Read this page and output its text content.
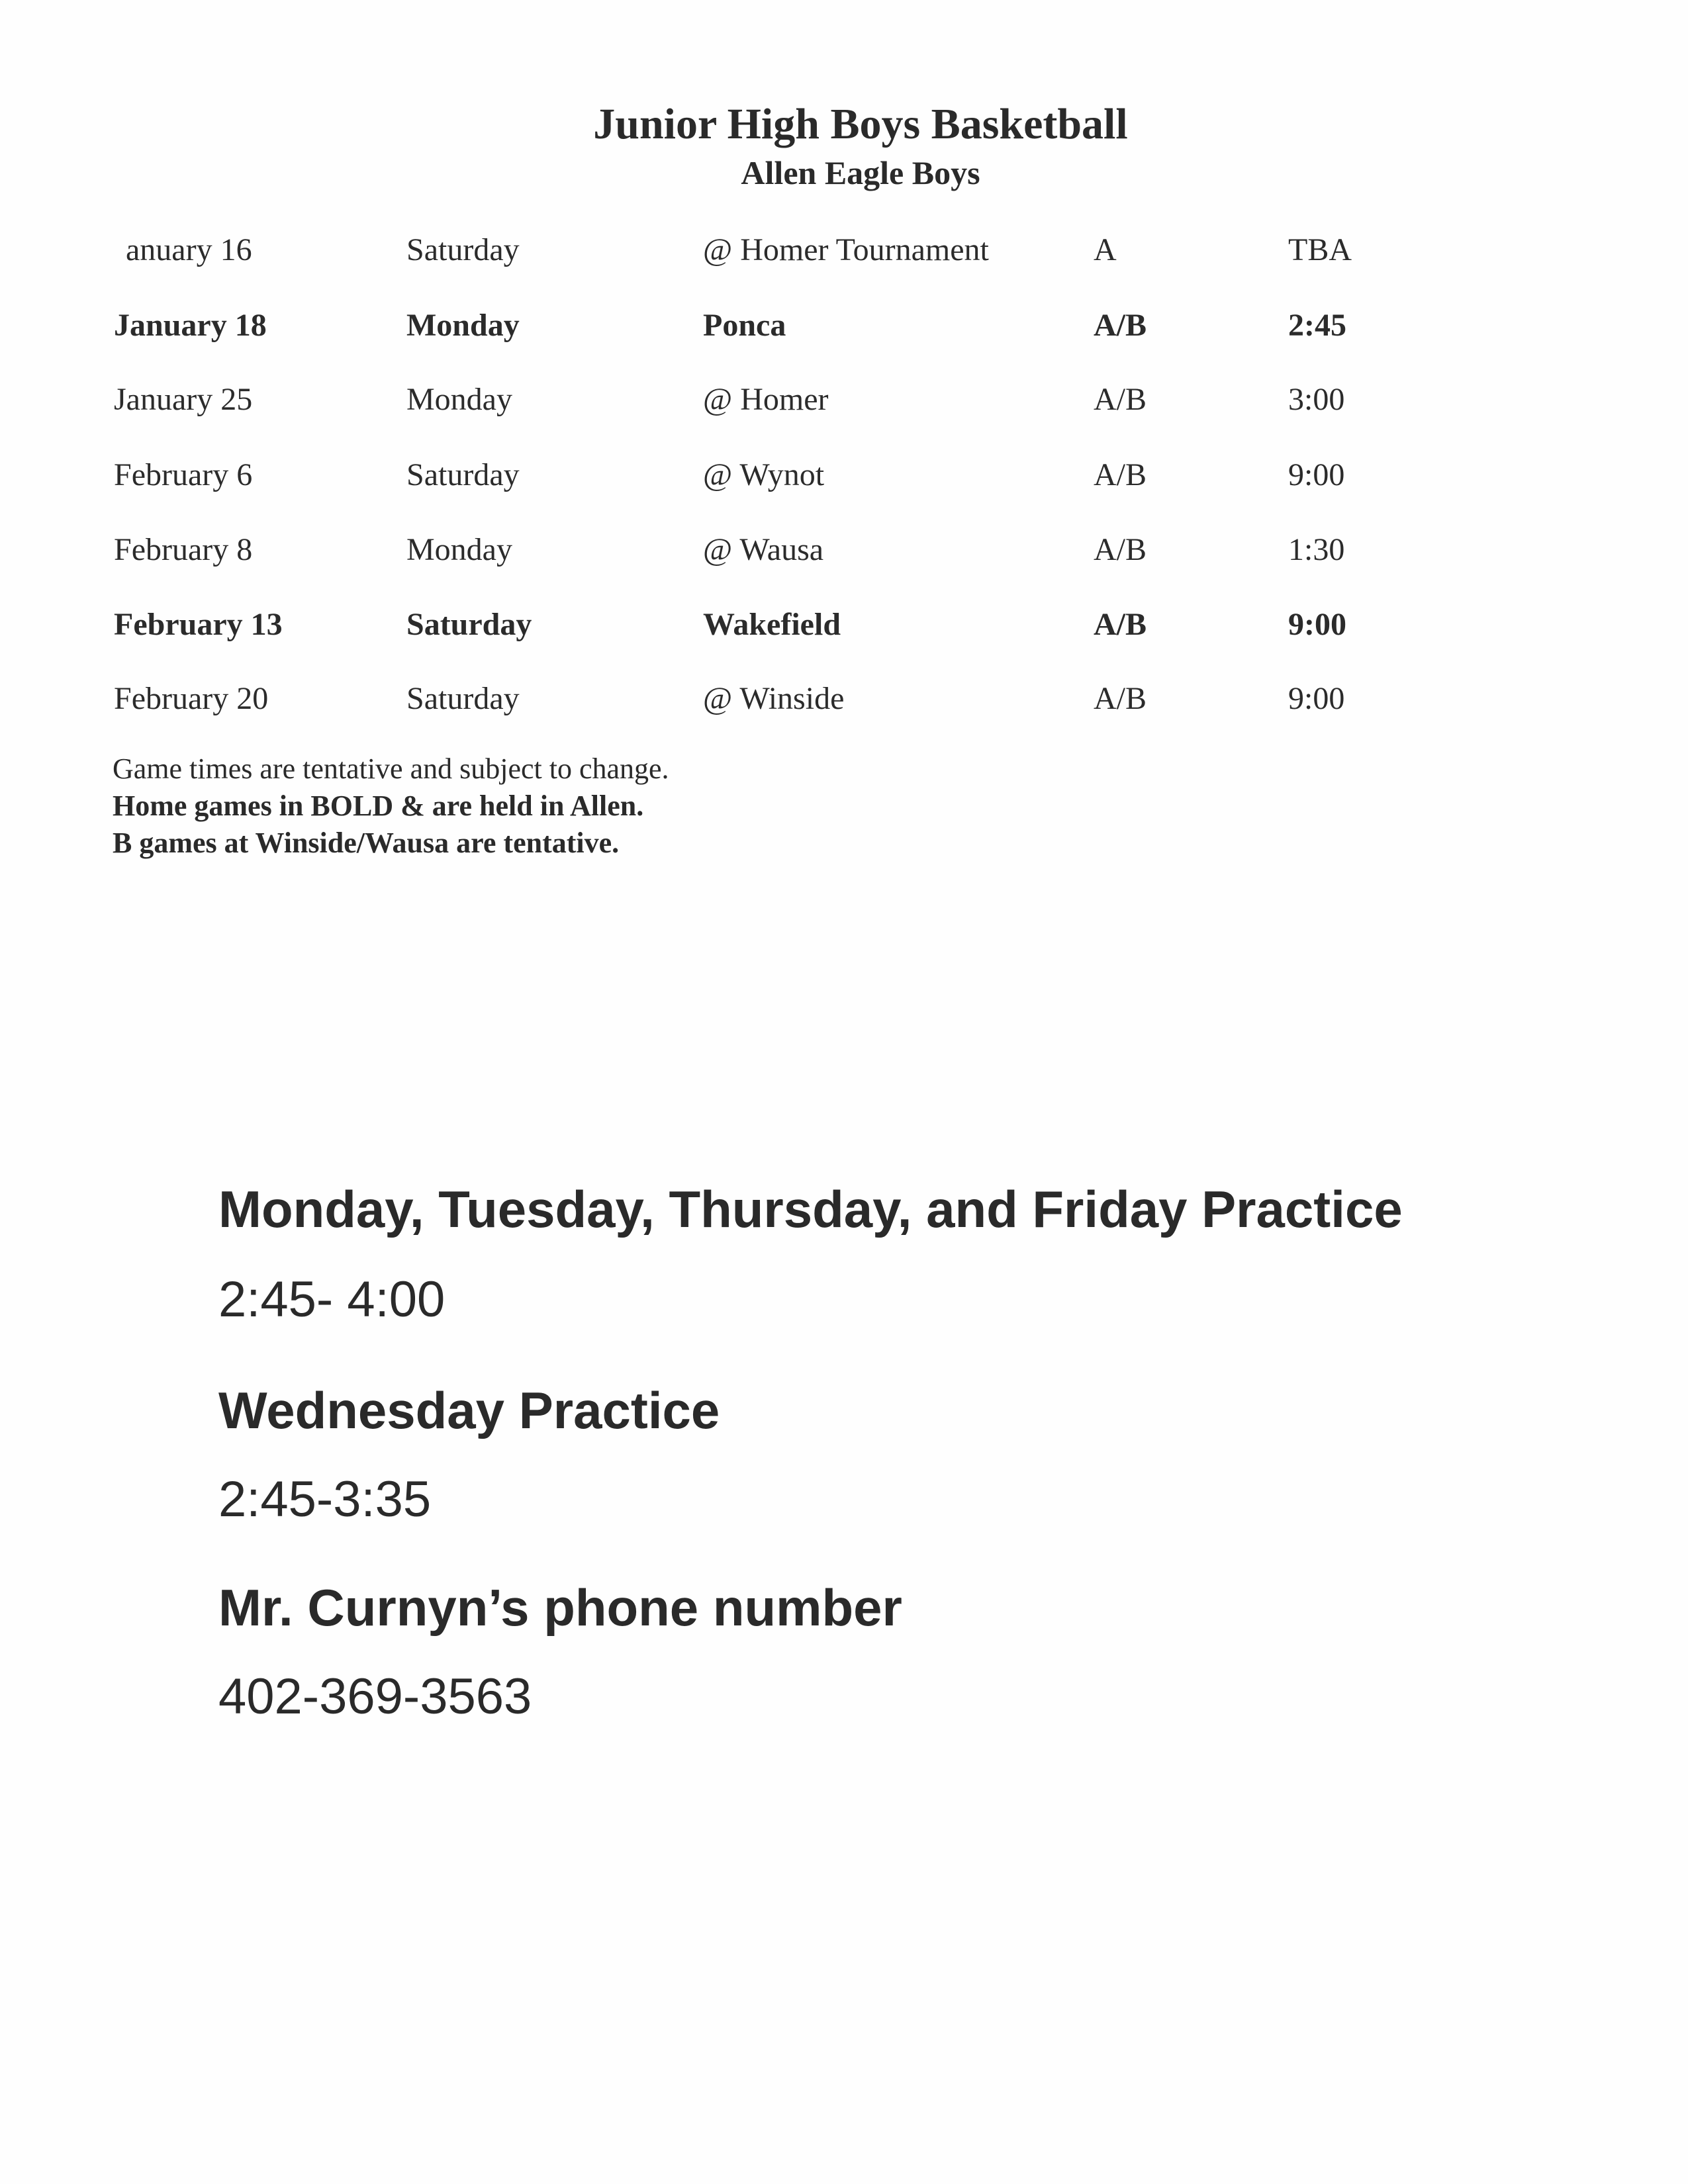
Junior High Boys Basketball
Allen Eagle Boys
anuary 16	Saturday	@ Homer Tournament	A	TBA
January 18	Monday	Ponca	A/B	2:45
January 25	Monday	@ Homer	A/B	3:00
February 6	Saturday	@ Wynot	A/B	9:00
February 8	Monday	@ Wausa	A/B	1:30
February 13	Saturday	Wakefield	A/B	9:00
February 20	Saturday	@ Winside	A/B	9:00
Game times are tentative and subject to change.
Home games in BOLD & are held in Allen.
B games at Winside/Wausa are tentative.
Monday, Tuesday, Thursday, and Friday Practice
2:45- 4:00
Wednesday Practice
2:45-3:35
Mr. Curnyn’s phone number
402-369-3563
